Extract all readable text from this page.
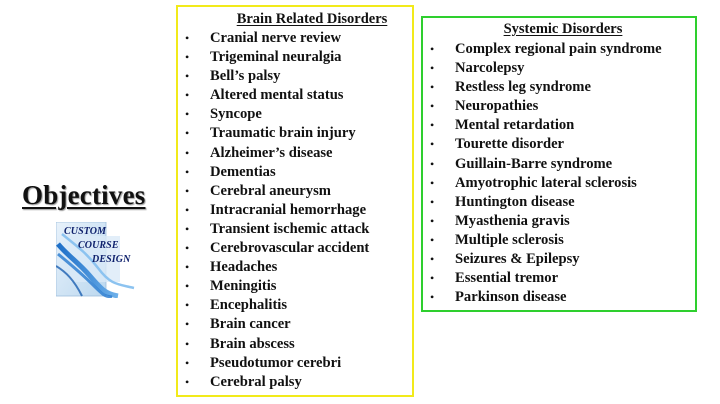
Objectives
CUSTOM
COURSE
DESIGN
Brain Related Disorders
• Cranial nerve review
• Trigeminal neuralgia
• Bell’s palsy
• Altered mental status
• Syncope
• Traumatic brain injury
• Alzheimer’s disease
• Dementias
• Cerebral aneurysm
• Intracranial hemorrhage
• Transient ischemic attack
• Cerebrovascular accident
• Headaches
• Meningitis
• Encephalitis
• Brain cancer
• Brain abscess
• Pseudotumor cerebri
• Cerebral palsy
Systemic Disorders
• Complex regional pain syndrome
• Narcolepsy
• Restless leg syndrome
• Neuropathies
• Mental retardation
• Tourette disorder
• Guillain-Barre syndrome
• Amyotrophic lateral sclerosis
• Huntington disease
• Myasthenia gravis
• Multiple sclerosis
• Seizures & Epilepsy
• Essential tremor
• Parkinson disease
